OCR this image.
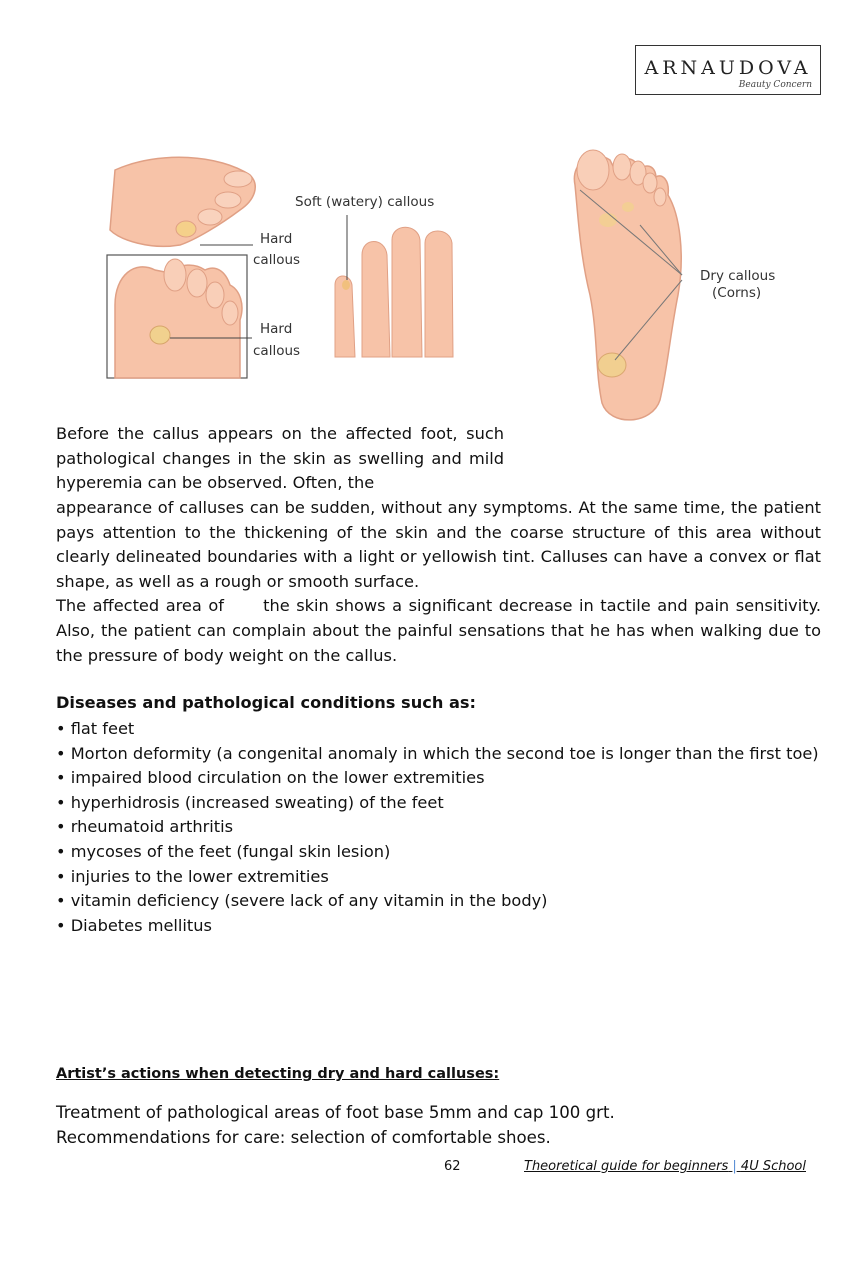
ARNAUDOVA
Beauty Concern
Soft (watery) callous
Hard
callous
Hard
callous
Dry callous
(Corns)

Before the callus appears on the affected foot, such pathological changes in the skin as swelling and mild hyperemia can be observed. Often, the

appearance of calluses can be sudden, without any symptoms. At the same time, the patient pays attention to the thickening of the skin and the coarse structure of this area without clearly delineated boundaries with a light or yellowish tint. Calluses can have a convex or flat shape, as well as a rough or smooth surface.

The affected area of      the skin shows a significant decrease in tactile and pain sensitivity. Also, the patient can complain about the painful sensations that he has when walking due to the pressure of body weight on the callus.

Diseases and pathological conditions such as:
• flat feet
• Morton deformity (a congenital anomaly in which the second toe is longer than the first toe)
• impaired blood circulation on the lower extremities
• hyperhidrosis (increased sweating) of the feet
• rheumatoid arthritis
• mycoses of the feet (fungal skin lesion)
• injuries to the lower extremities
• vitamin deficiency (severe lack of any vitamin in the body)
• Diabetes mellitus
Artist’s actions when detecting dry and hard calluses:
Treatment of pathological areas of foot base 5mm and cap 100 grt.
Recommendations for care: selection of comfortable shoes.
62	Theoretical guide for beginners | 4U School
